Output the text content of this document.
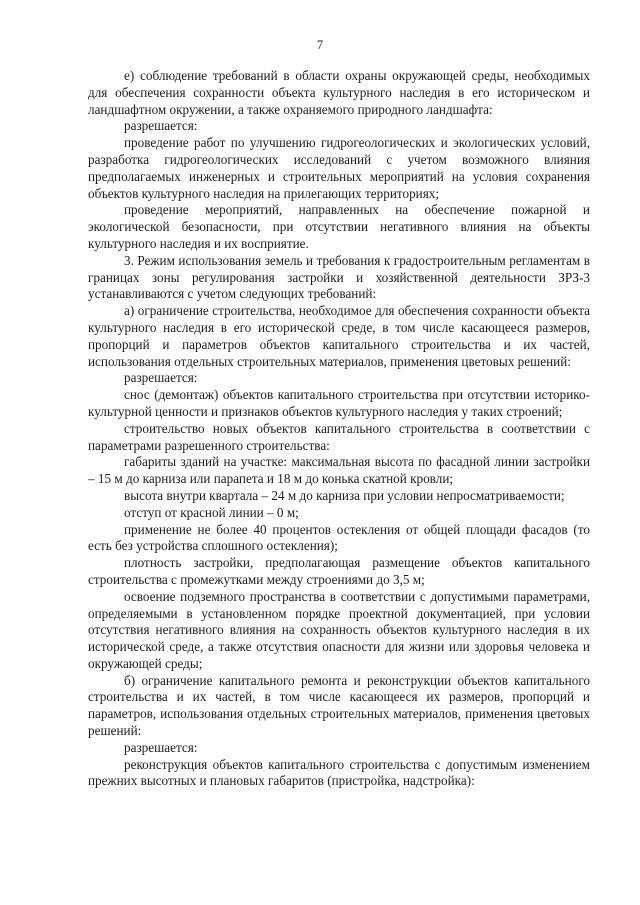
7

е) соблюдение требований в области охраны окружающей среды, необходимых для обеспечения сохранности объекта культурного наследия в его историческом и ландшафтном окружении, а также охраняемого природного ландшафта:

разрешается:

проведение работ по улучшению гидрогеологических и экологических условий, разработка гидрогеологических исследований с учетом возможного влияния предполагаемых инженерных и строительных мероприятий на условия сохранения объектов культурного наследия на прилегающих территориях;

проведение мероприятий, направленных на обеспечение пожарной и экологической безопасности, при отсутствии негативного влияния на объекты культурного наследия и их восприятие.

3. Режим использования земель и требования к градостроительным регламентам в границах зоны регулирования застройки и хозяйственной деятельности ЗРЗ-3 устанавливаются с учетом следующих требований:

а) ограничение строительства, необходимое для обеспечения сохранности объекта культурного наследия в его исторической среде, в том числе касающееся размеров, пропорций и параметров объектов капитального строительства и их частей, использования отдельных строительных материалов, применения цветовых решений:

разрешается:

снос (демонтаж) объектов капитального строительства при отсутствии историко-культурной ценности и признаков объектов культурного наследия у таких строений;

строительство новых объектов капитального строительства в соответствии с параметрами разрешенного строительства:

габариты зданий на участке: максимальная высота по фасадной линии застройки – 15 м до карниза или парапета и 18 м до конька скатной кровли;

высота внутри квартала – 24 м до карниза при условии непросматриваемости;

отступ от красной линии – 0 м;

применение не более 40 процентов остекления от общей площади фасадов (то есть без устройства сплошного остекления);

плотность застройки, предполагающая размещение объектов капитального строительства с промежутками между строениями до 3,5 м;

освоение подземного пространства в соответствии с допустимыми параметрами, определяемыми в установленном порядке проектной документацией, при условии отсутствия негативного влияния на сохранность объектов культурного наследия в их исторической среде, а также отсутствия опасности для жизни или здоровья человека и окружающей среды;

б) ограничение капитального ремонта и реконструкции объектов капитального строительства и их частей, в том числе касающееся их размеров, пропорций и параметров, использования отдельных строительных материалов, применения цветовых решений:

разрешается:

реконструкция объектов капитального строительства с допустимым изменением прежних высотных и плановых габаритов (пристройка, надстройка):
